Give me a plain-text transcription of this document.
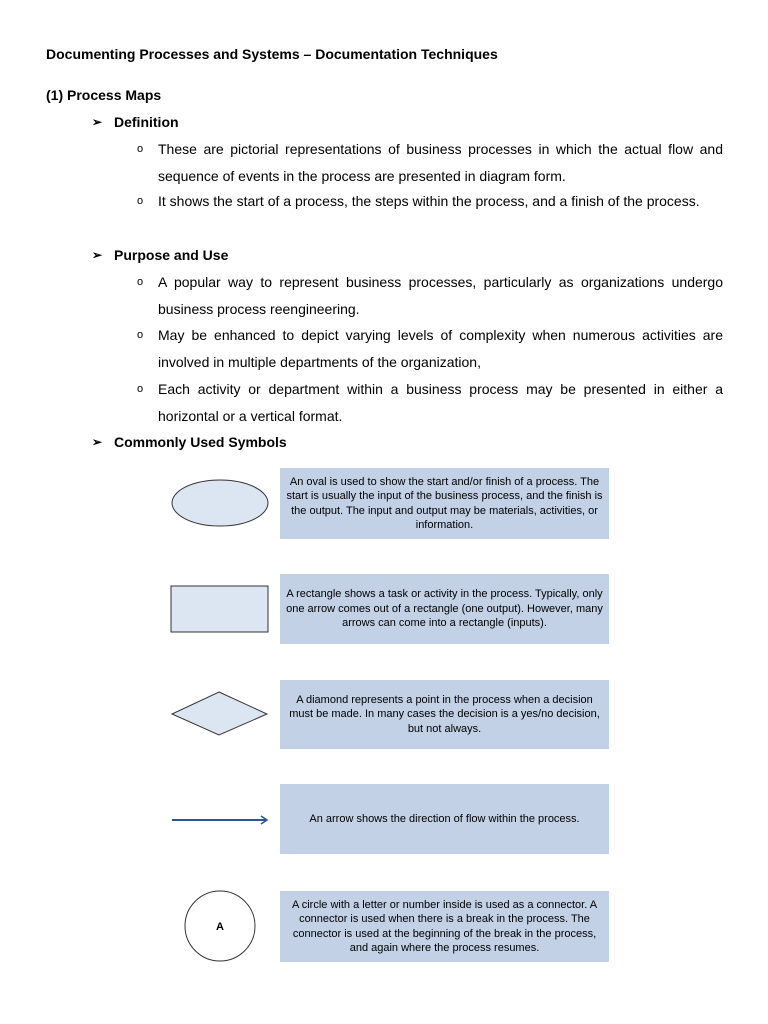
Documenting Processes and Systems – Documentation Techniques
(1) Process Maps
➢ Definition
o These are pictorial representations of business processes in which the actual flow and sequence of events in the process are presented in diagram form.
o It shows the start of a process, the steps within the process, and a finish of the process.
➢ Purpose and Use
o A popular way to represent business processes, particularly as organizations undergo business process reengineering.
o May be enhanced to depict varying levels of complexity when numerous activities are involved in multiple departments of the organization,
o Each activity or department within a business process may be presented in either a horizontal or a vertical format.
➢ Commonly Used Symbols
An oval is used to show the start and/or finish of a process. The start is usually the input of the business process, and the finish is the output. The input and output may be materials, activities, or information.
A rectangle shows a task or activity in the process. Typically, only one arrow comes out of a rectangle (one output). However, many arrows can come into a rectangle (inputs).
A diamond represents a point in the process when a decision must be made. In many cases the decision is a yes/no decision, but not always.
An arrow shows the direction of flow within the process.
A
A circle with a letter or number inside is used as a connector. A connector is used when there is a break in the process. The connector is used at the beginning of the break in the process, and again where the process resumes.
